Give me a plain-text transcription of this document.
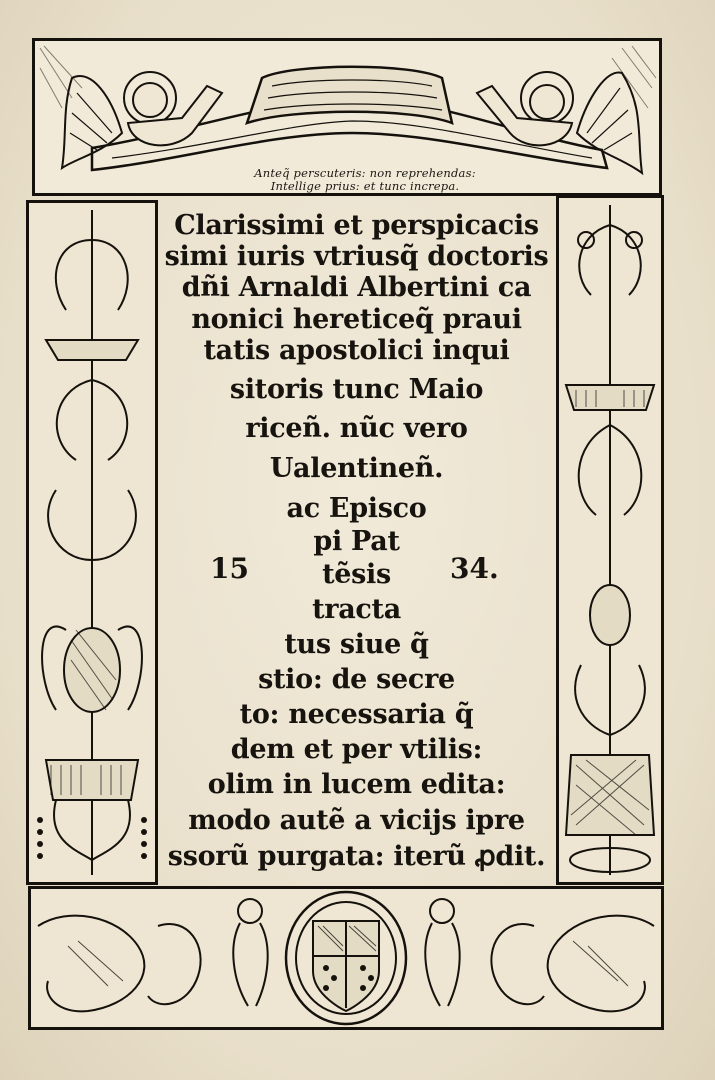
Anteq̃ perscuteris: non reprehendas:
Intellige prius: et tunc increpa.
Clarissimi et perspicacis
simi iuris vtriusq̃ doctoris
dñi Arnaldi Albertini ca
nonici hereticeq̃ praui
tatis apostolici inqui
sitoris tunc Maio
riceñ. nũc vero
Ualentineñ.
ac Episco
pi Pat
tẽsis
tracta
tus siue q̃
stio: de secre
to: necessaria q̃
dem et per vtilis:
olim in lucem edita:
modo autẽ a vicijs ipre
ssorũ purgata: iterũ ꝓdit.
15	34.
